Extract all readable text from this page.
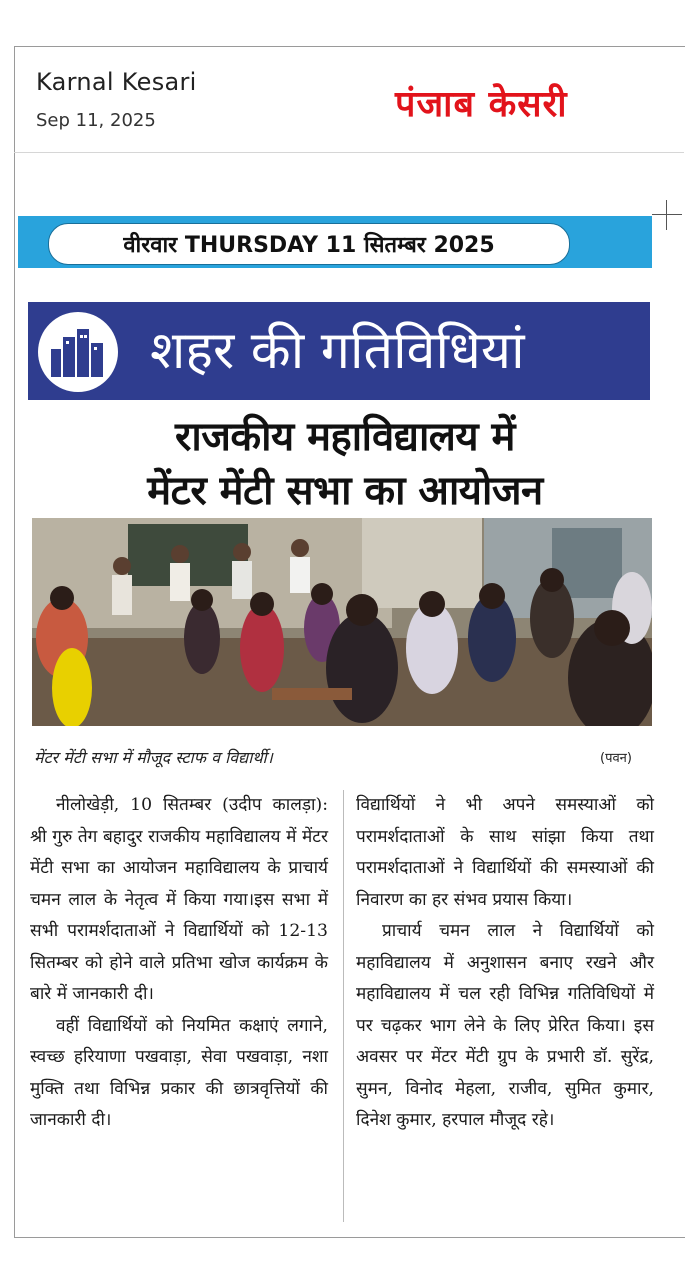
Karnal Kesari
Sep 11, 2025	पंजाब केसरी
वीरवार THURSDAY 11 सितम्बर 2025
शहर की गतिविधियां
राजकीय महाविद्यालय में
मेंटर मेंटी सभा का आयोजन
मेंटर मेंटी सभा में मौजूद स्टाफ व विद्यार्थी।	(पवन)

नीलोखेड़ी, 10 सितम्बर (उदीप कालड़ा): श्री गुरु तेग बहादुर राजकीय महाविद्यालय में मेंटर मेंटी सभा का आयोजन महाविद्यालय के प्राचार्य चमन लाल के नेतृत्व में किया गया।इस सभा में सभी परामर्शदाताओं ने विद्यार्थियों को 12-13 सितम्बर को होने वाले प्रतिभा खोज कार्यक्रम के बारे में जानकारी दी।

वहीं विद्यार्थियों को नियमित कक्षाएं लगाने, स्वच्छ हरियाणा पखवाड़ा, सेवा पखवाड़ा, नशा मुक्ति तथा विभिन्न प्रकार की छात्रवृत्तियों की जानकारी दी।

विद्यार्थियों ने भी अपने समस्याओं को परामर्शदाताओं के साथ सांझा किया तथा परामर्शदाताओं ने विद्यार्थियों की समस्याओं की निवारण का हर संभव प्रयास किया।

प्राचार्य चमन लाल ने विद्यार्थियों को महाविद्यालय में अनुशासन बनाए रखने और महाविद्यालय में चल रही विभिन्न गतिविधियों में पर चढ़कर भाग लेने के लिए प्रेरित किया। इस अवसर पर मेंटर मेंटी ग्रुप के प्रभारी डॉ. सुरेंद्र, सुमन, विनोद मेहला, राजीव, सुमित कुमार, दिनेश कुमार, हरपाल मौजूद रहे।
